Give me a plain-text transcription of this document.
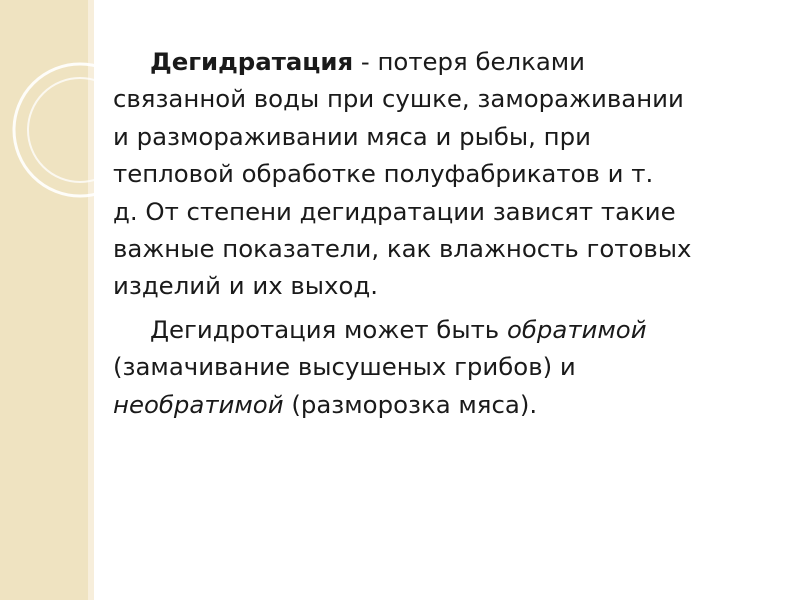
Дегидратация - потеря белками
связанной воды при сушке, замораживании
и размораживании мяса и рыбы, при
тепловой обработке полуфабрикатов и т.
д. От степени дегидратации зависят такие
важные показатели, как влажность готовых
изделий и их выход.

Дегидротация может быть обратимой
(замачивание высушеных грибов) и
необратимой (разморозка мяса).
